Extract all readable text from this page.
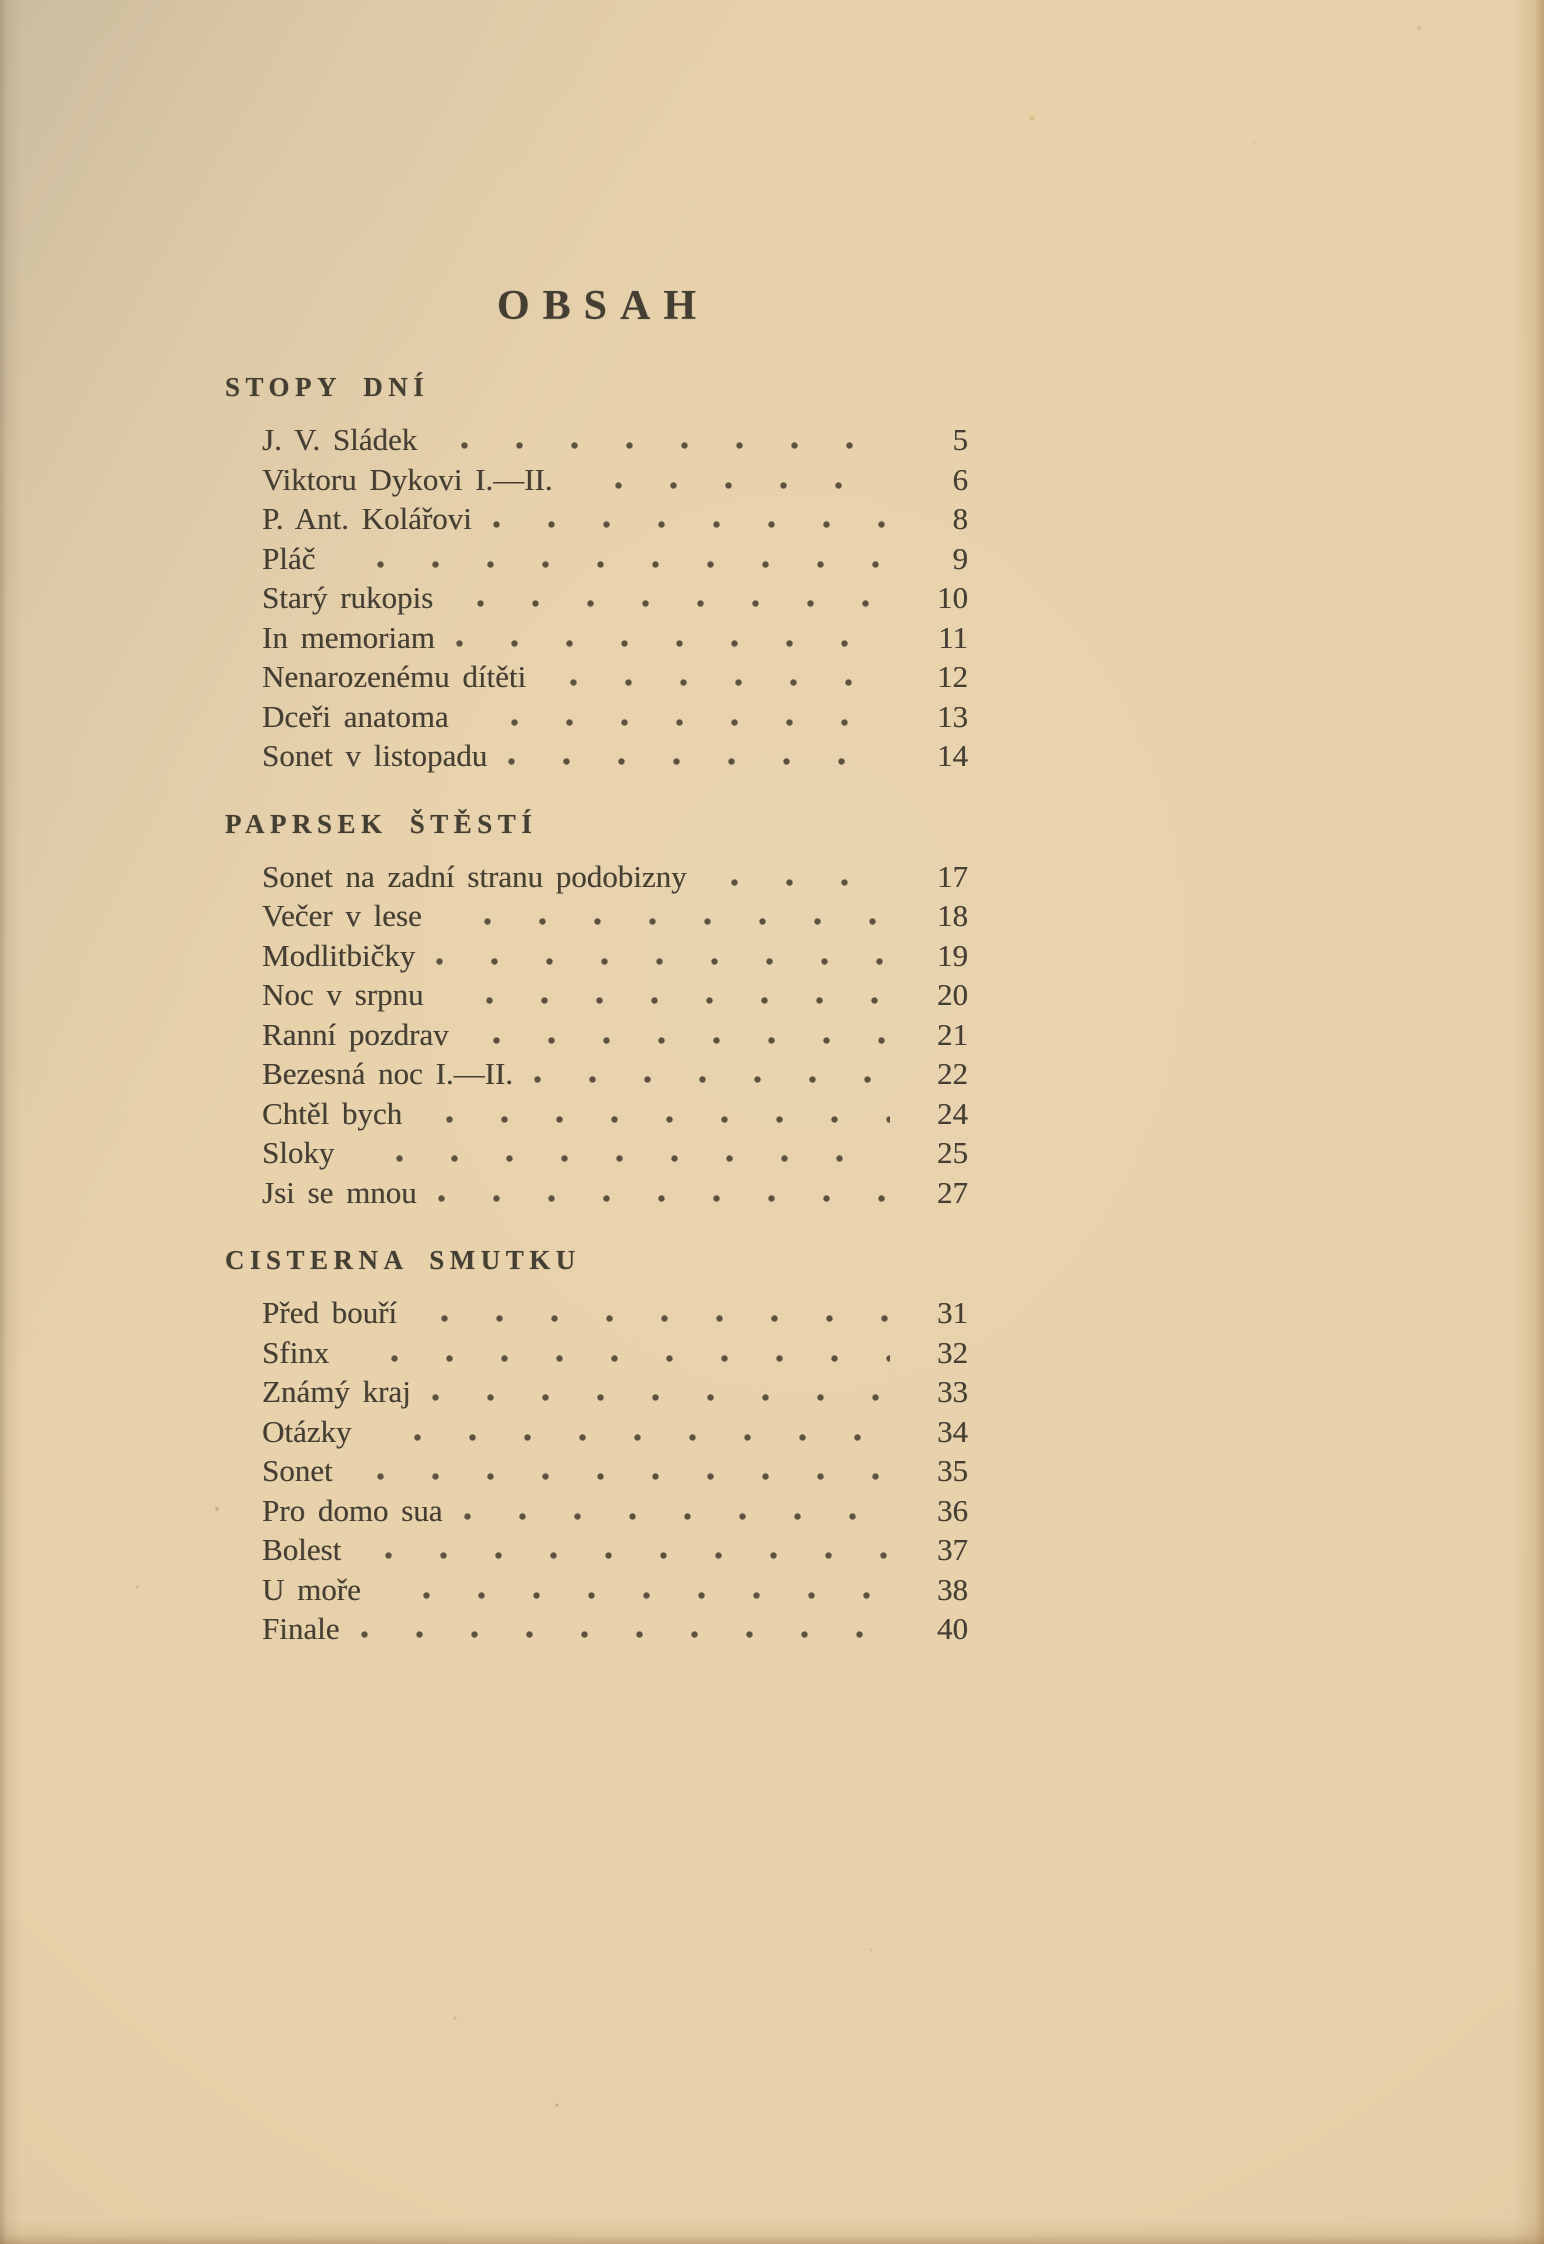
OBSAH
STOPY DNÍ
J. V. Sládek	5
Viktoru Dykovi I.—II.	6
P. Ant. Kolářovi	8
Pláč	9
Starý rukopis	10
In memoriam	11
Nenarozenému dítěti	12
Dceři anatoma	13
Sonet v listopadu	14
PAPRSEK ŠTĚSTÍ
Sonet na zadní stranu podobizny	17
Večer v lese	18
Modlitbičky	19
Noc v srpnu	20
Ranní pozdrav	21
Bezesná noc I.—II.	22
Chtěl bych	24
Sloky	25
Jsi se mnou	27
CISTERNA SMUTKU
Před bouří	31
Sfinx	32
Známý kraj	33
Otázky	34
Sonet	35
Pro domo sua	36
Bolest	37
U moře	38
Finale	40
